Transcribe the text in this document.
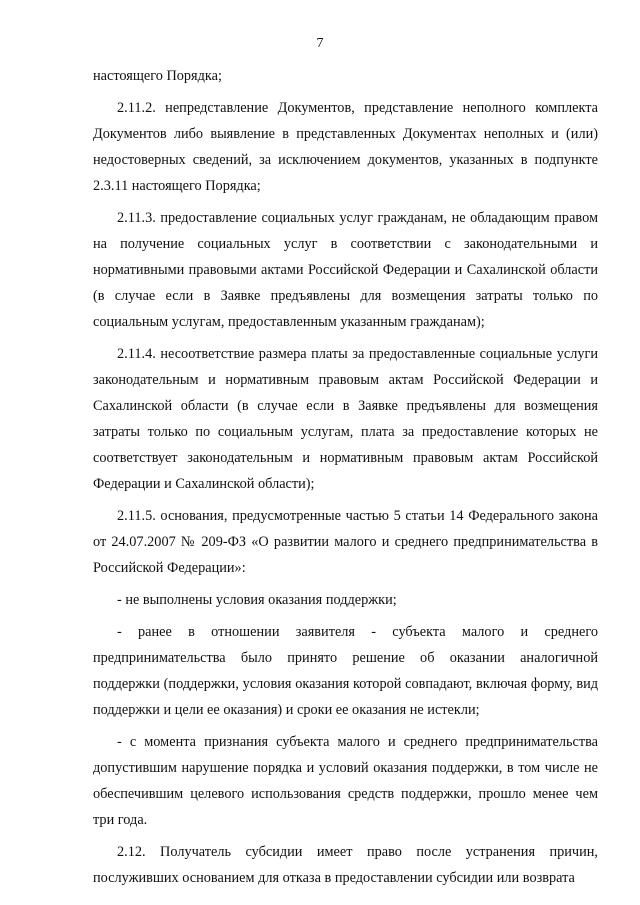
7

настоящего Порядка;

2.11.2. непредставление Документов, представление неполного комплекта Документов либо выявление в представленных Документах неполных и (или) недостоверных сведений, за исключением документов, указанных в подпункте 2.3.11 настоящего Порядка;

2.11.3. предоставление социальных услуг гражданам, не обладающим правом на получение социальных услуг в соответствии с законодательными и нормативными правовыми актами Российской Федерации и Сахалинской области (в случае если в Заявке предъявлены для возмещения затраты только по социальным услугам, предоставленным указанным гражданам);

2.11.4. несоответствие размера платы за предоставленные социальные услуги законодательным и нормативным правовым актам Российской Федерации и Сахалинской области (в случае если в Заявке предъявлены для возмещения затраты только по социальным услугам, плата за предоставление которых не соответствует законодательным и нормативным правовым актам Российской Федерации и Сахалинской области);

2.11.5. основания, предусмотренные частью 5 статьи 14 Федерального закона от 24.07.2007 № 209-ФЗ «О развитии малого и среднего предпринимательства в Российской Федерации»:

- не выполнены условия оказания поддержки;

- ранее в отношении заявителя - субъекта малого и среднего предпринимательства было принято решение об оказании аналогичной поддержки (поддержки, условия оказания которой совпадают, включая форму, вид поддержки и цели ее оказания) и сроки ее оказания не истекли;

- с момента признания субъекта малого и среднего предпринимательства допустившим нарушение порядка и условий оказания поддержки, в том числе не обеспечившим целевого использования средств поддержки, прошло менее чем три года.

2.12. Получатель субсидии имеет право после устранения причин, послуживших основанием для отказа в предоставлении субсидии или возврата
